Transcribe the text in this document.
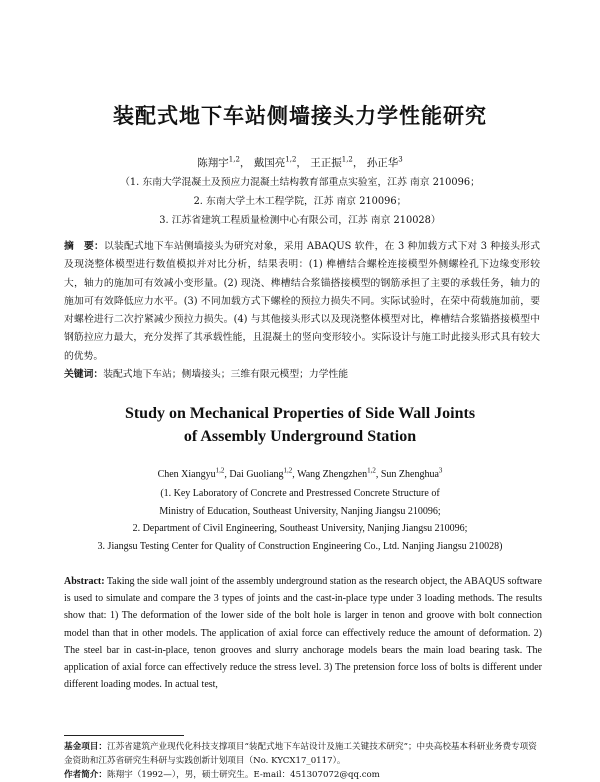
装配式地下车站侧墙接头力学性能研究
陈翔宇$^{1,2}$， 戴国亮$^{1,2}$， 王正振$^{1,2}$， 孙正华$^3$
（1. 东南大学混凝土及预应力混凝土结构教育部重点实验室，江苏 南京 210096；
2. 东南大学土木工程学院，江苏 南京 210096；
3. 江苏省建筑工程质量检测中心有限公司，江苏 南京 210028）
摘　要：以装配式地下车站侧墙接头为研究对象，采用 ABAQUS 软件，在 3 种加载方式下对 3 种接头形式及现浇整体模型进行数值模拟并对比分析，结果表明：(1) 榫槽结合螺栓连接模型外侧螺栓孔下边缘变形较大，轴力的施加可有效减小变形量。(2) 现浇、榫槽结合浆锚搭接模型的钢筋承担了主要的承载任务，轴力的施加可有效降低应力水平。(3) 不同加载方式下螺栓的预拉力损失不同。实际试验时，在荣中荷载施加前，要对螺栓进行二次拧紧减少预拉力损失。(4) 与其他接头形式以及现浇整体模型对比，榫槽结合浆锚搭接模型中钢筋拉应力最大，充分发挥了其承载性能，且混凝土的竖向变形较小。实际设计与施工时此接头形式具有较大的优势。
关键词：装配式地下车站；侧墙接头；三维有限元模型；力学性能
Study on Mechanical Properties of Side Wall Joints
of Assembly Underground Station
Chen Xiangyu$^{1,2}$, Dai Guoliang$^{1,2}$, Wang Zhengzhen$^{1,2}$, Sun Zhenghua$^3$
(1. Key Laboratory of Concrete and Prestressed Concrete Structure of
Ministry of Education, Southeast University, Nanjing Jiangsu 210096;
2. Department of Civil Engineering, Southeast University, Nanjing Jiangsu 210096;
3. Jiangsu Testing Center for Quality of Construction Engineering Co., Ltd. Nanjing Jiangsu 210028)
Abstract: Taking the side wall joint of the assembly underground station as the research object, the ABAQUS software is used to simulate and compare the 3 types of joints and the cast-in-place type under 3 loading methods. The results show that: 1) The deformation of the lower side of the bolt hole is larger in tenon and groove with bolt connection model than that in other models. The application of axial force can effectively reduce the amount of deformation. 2) The steel bar in cast-in-place, tenon grooves and slurry anchorage models bears the main load bearing task. The application of axial force can effectively reduce the stress level. 3) The pretension force loss of bolts is different under different loading modes. In actual test,
基金项目：江苏省建筑产业现代化科技支撑项目“装配式地下车站设计及施工关键技术研究”；中央高校基本科研业务费专项资金资助和江苏省研究生科研与实践创新计划项目（No. KYCX17_0117）。
作者简介：陈翔宇（1992—），男，硕士研究生。E-mail：451307072@qq.com
